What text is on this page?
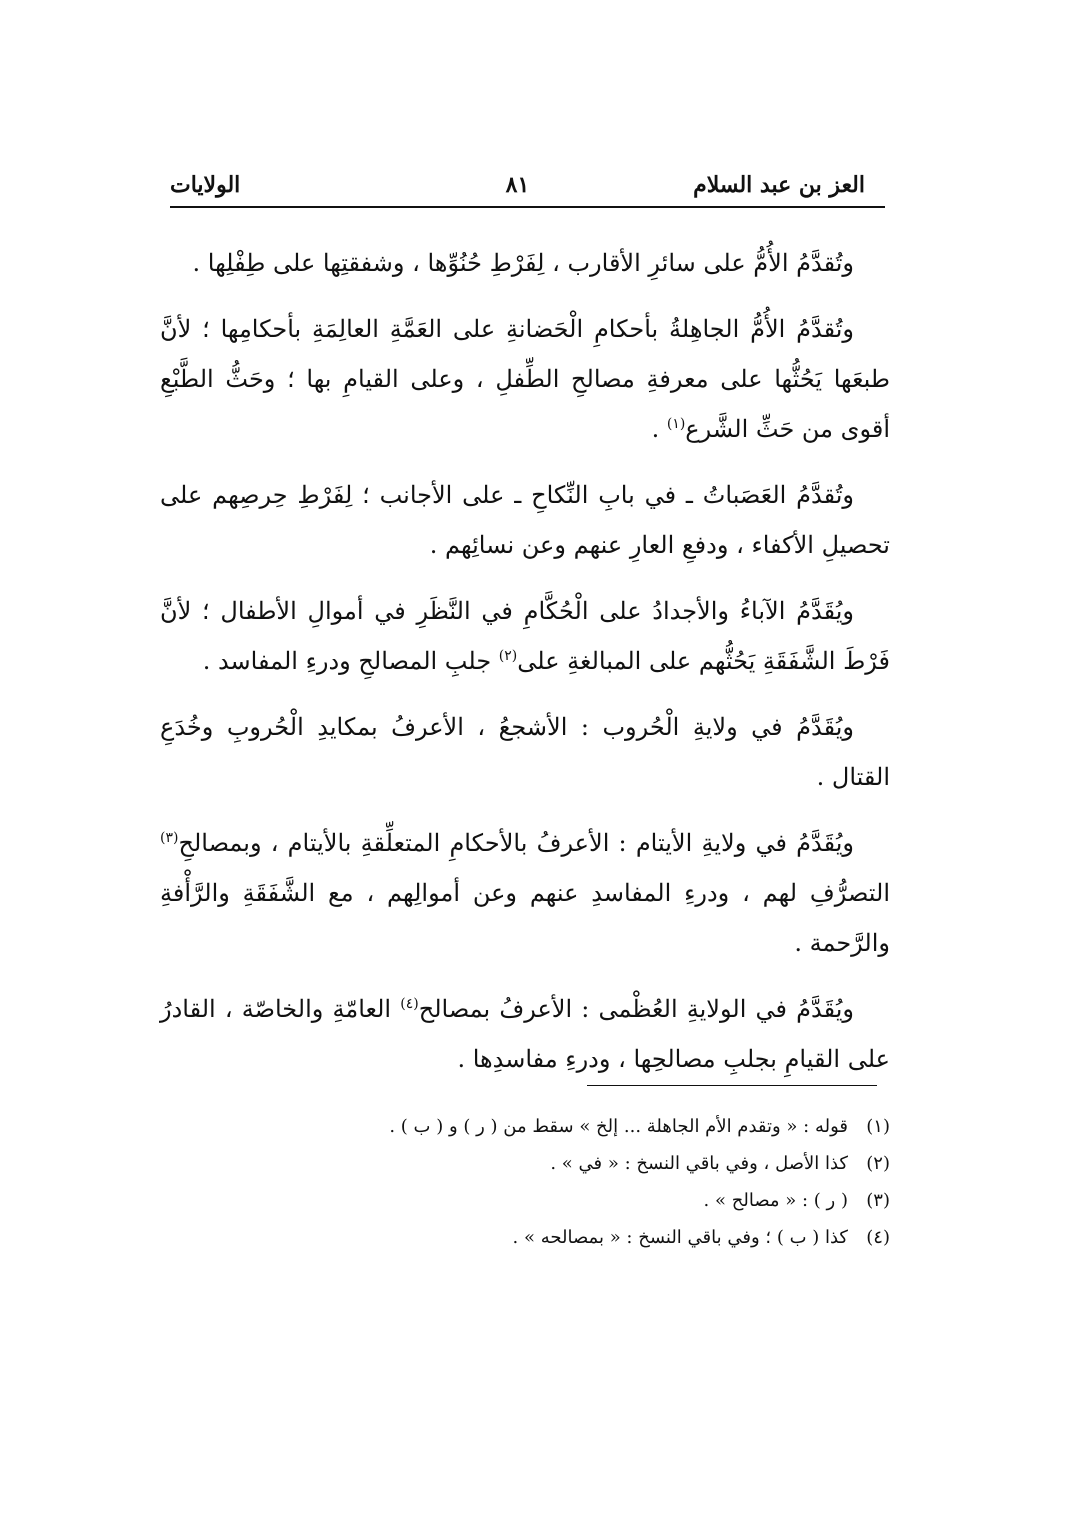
العز بن عبد السلام
٨١
الولايات

وتُقدَّمُ الأُمُّ على سائرِ الأقارب ، لِفَرْطِ حُنُوِّها ، وشفقتِها على طِفْلِها .

وتُقدَّمُ الأُمُّ الجاهِلةُ بأحكامِ الْحَضانةِ على العَمَّةِ العالِمَةِ بأحكامِها ؛ لأنَّ طبعَها يَحُثُّها على معرفةِ مصالحِ الطِّفلِ ، وعلى القيامِ بها ؛ وحَثُّ الطَّبْعِ أقوى من حَثِّ الشَّرع$^{(١)}$ .

وتُقدَّمُ العَصَباتُ ـ في بابِ النِّكاحِ ـ على الأجانب ؛ لِفَرْطِ حِرصِهم على تحصيلِ الأكفاء ، ودفعِ العارِ عنهم وعن نسائِهم .

ويُقَدَّمُ الآباءُ والأجدادُ على الْحُكَّامِ في النَّظَرِ في أموالِ الأطفال ؛ لأنَّ فَرْطَ الشَّفَقَةِ يَحُثُّهم على المبالغةِ على$^{(٢)}$ جلبِ المصالحِ ودرءِ المفاسد .

ويُقَدَّمُ في ولايةِ الْحُروب : الأشجعُ ، الأعرفُ بمكايدِ الْحُروبِ وخُدَعِ القتال .

ويُقَدَّمُ في ولايةِ الأيتام : الأعرفُ بالأحكامِ المتعلِّقةِ بالأيتام ، وبمصالحِ$^{(٣)}$ التصرُّفِ لهم ، ودرءِ المفاسدِ عنهم وعن أموالِهم ، مع الشَّفَقَةِ والرَّأْفةِ والرَّحمة .

ويُقَدَّمُ في الولايةِ العُظْمى : الأعرفُ بمصالح$^{(٤)}$ العامّةِ والخاصّة ، القادرُ على القيامِ بجلبِ مصالحِها ، ودرءِ مفاسدِها .

(١)
قوله : « وتقدم الأم الجاهلة ... إلخ » سقط من ( ر ) و ( ب ) .
(٢)
كذا الأصل ، وفي باقي النسخ : « في » .
(٣)
( ر ) : « مصالح » .
(٤)
كذا ( ب ) ؛ وفي باقي النسخ : « بمصالحه » .
